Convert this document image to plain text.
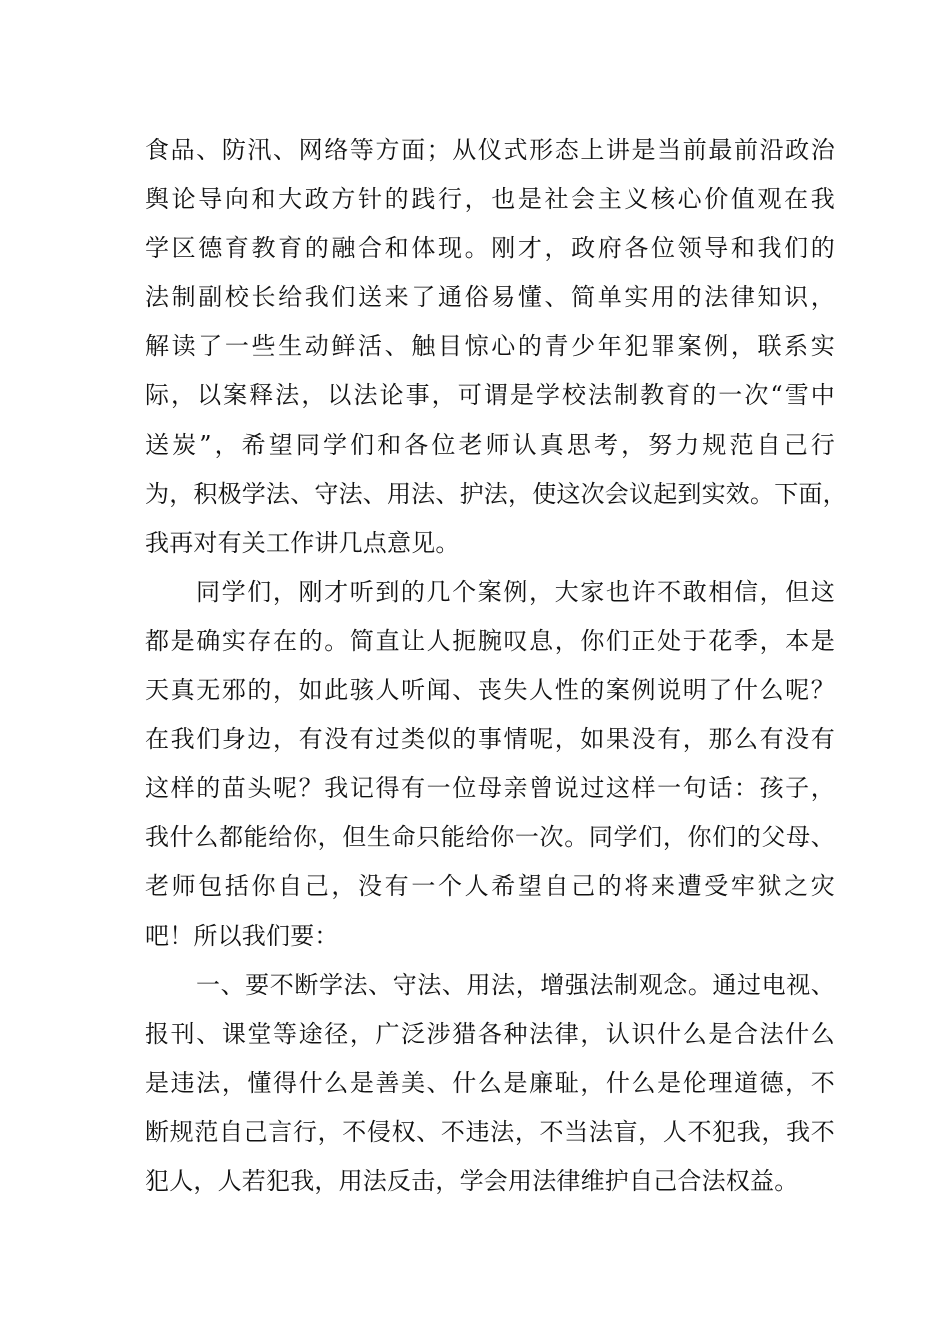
食品、防汛、网络等方面；从仪式形态上讲是当前最前沿政治
舆论导向和大政方针的践行，也是社会主义核心价值观在我
学区德育教育的融合和体现。刚才，政府各位领导和我们的
法制副校长给我们送来了通俗易懂、简单实用的法律知识，
解读了一些生动鲜活、触目惊心的青少年犯罪案例，联系实
际，以案释法，以法论事，可谓是学校法制教育的一次“雪中
送炭”，希望同学们和各位老师认真思考，努力规范自己行
为，积极学法、守法、用法、护法，使这次会议起到实效。下面，
我再对有关工作讲几点意见。
同学们，刚才听到的几个案例，大家也许不敢相信，但这
都是确实存在的。简直让人扼腕叹息，你们正处于花季，本是
天真无邪的，如此骇人听闻、丧失人性的案例说明了什么呢？
在我们身边，有没有过类似的事情呢，如果没有，那么有没有
这样的苗头呢？我记得有一位母亲曾说过这样一句话：孩子，
我什么都能给你，但生命只能给你一次。同学们，你们的父母、
老师包括你自己，没有一个人希望自己的将来遭受牢狱之灾
吧！所以我们要：
一、要不断学法、守法、用法，增强法制观念。通过电视、
报刊、课堂等途径，广泛涉猎各种法律，认识什么是合法什么
是违法，懂得什么是善美、什么是廉耻，什么是伦理道德，不
断规范自己言行，不侵权、不违法，不当法盲，人不犯我，我不
犯人，人若犯我，用法反击，学会用法律维护自己合法权益。
